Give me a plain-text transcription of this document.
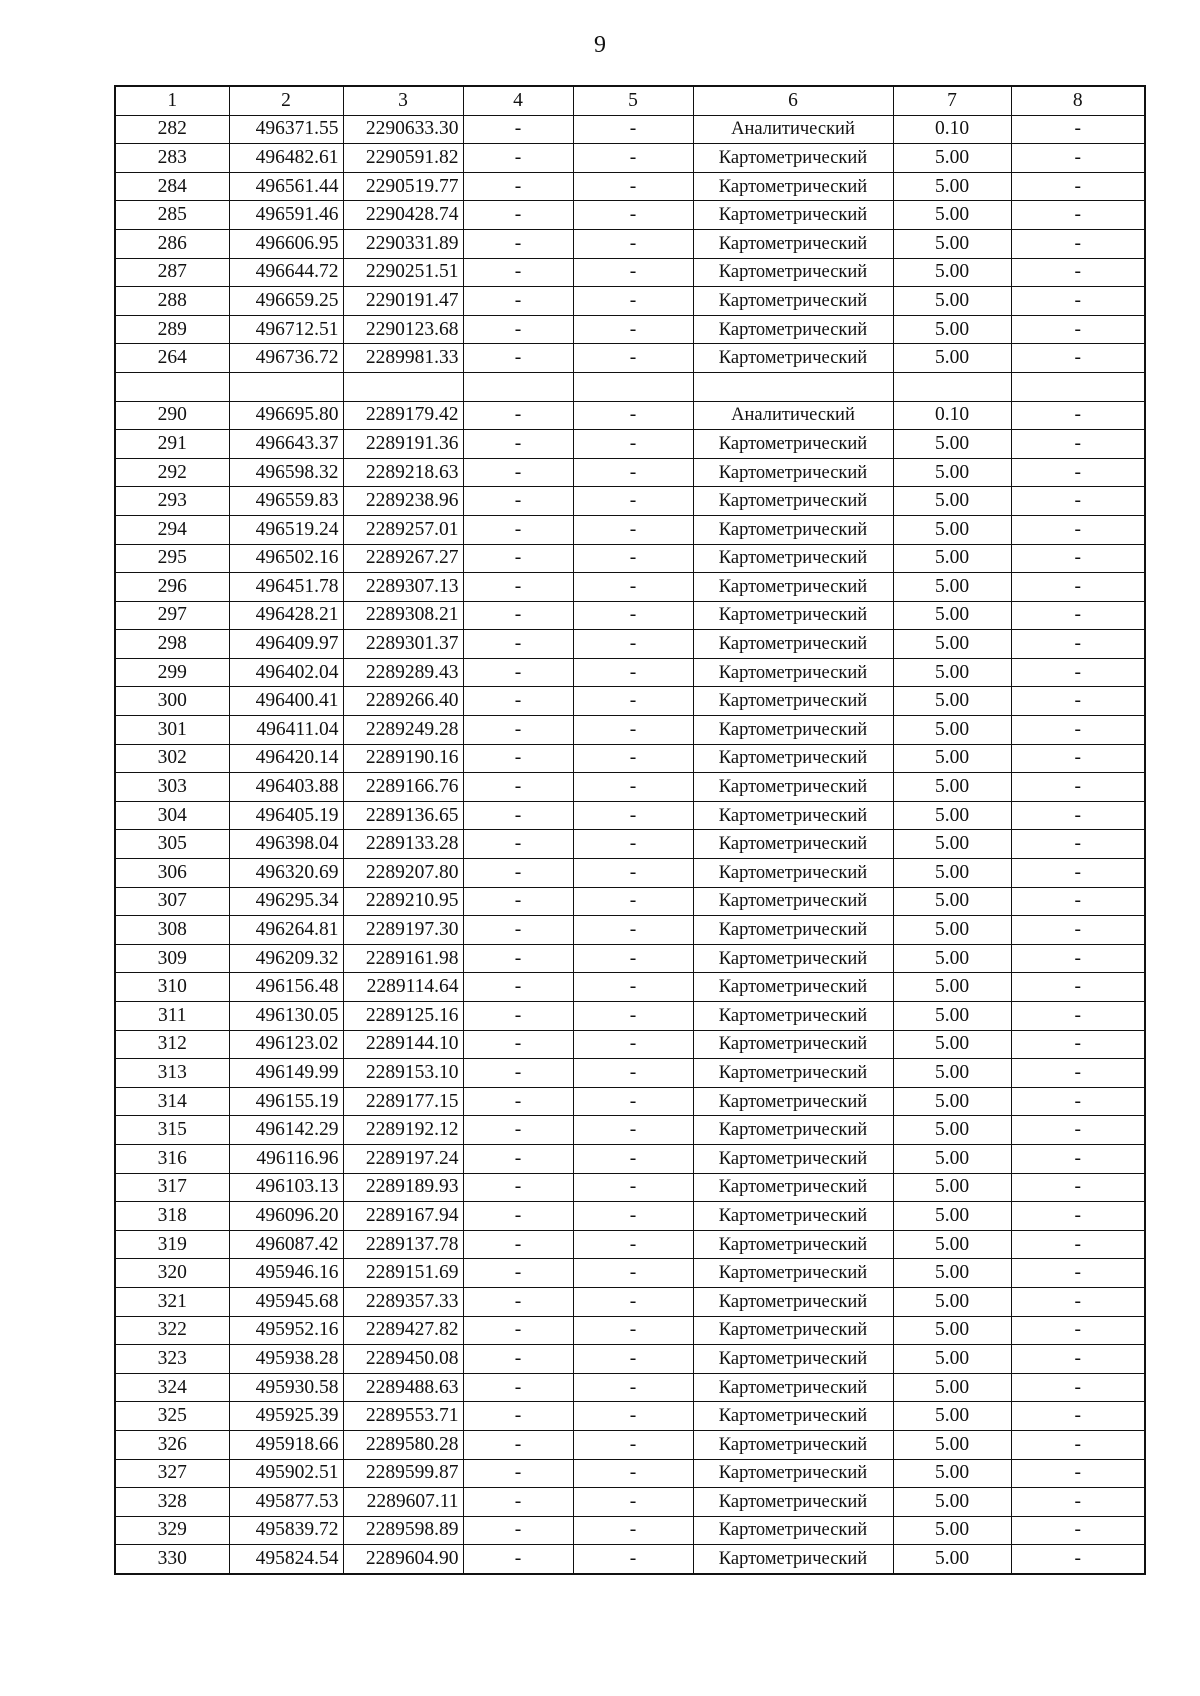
9
1	2	3	4	5	6	7	8
282	496371.55	2290633.30	-	-	Аналитический	0.10	-
283	496482.61	2290591.82	-	-	Картометрический	5.00	-
284	496561.44	2290519.77	-	-	Картометрический	5.00	-
285	496591.46	2290428.74	-	-	Картометрический	5.00	-
286	496606.95	2290331.89	-	-	Картометрический	5.00	-
287	496644.72	2290251.51	-	-	Картометрический	5.00	-
288	496659.25	2290191.47	-	-	Картометрический	5.00	-
289	496712.51	2290123.68	-	-	Картометрический	5.00	-
264	496736.72	2289981.33	-	-	Картометрический	5.00	-

290	496695.80	2289179.42	-	-	Аналитический	0.10	-
291	496643.37	2289191.36	-	-	Картометрический	5.00	-
292	496598.32	2289218.63	-	-	Картометрический	5.00	-
293	496559.83	2289238.96	-	-	Картометрический	5.00	-
294	496519.24	2289257.01	-	-	Картометрический	5.00	-
295	496502.16	2289267.27	-	-	Картометрический	5.00	-
296	496451.78	2289307.13	-	-	Картометрический	5.00	-
297	496428.21	2289308.21	-	-	Картометрический	5.00	-
298	496409.97	2289301.37	-	-	Картометрический	5.00	-
299	496402.04	2289289.43	-	-	Картометрический	5.00	-
300	496400.41	2289266.40	-	-	Картометрический	5.00	-
301	496411.04	2289249.28	-	-	Картометрический	5.00	-
302	496420.14	2289190.16	-	-	Картометрический	5.00	-
303	496403.88	2289166.76	-	-	Картометрический	5.00	-
304	496405.19	2289136.65	-	-	Картометрический	5.00	-
305	496398.04	2289133.28	-	-	Картометрический	5.00	-
306	496320.69	2289207.80	-	-	Картометрический	5.00	-
307	496295.34	2289210.95	-	-	Картометрический	5.00	-
308	496264.81	2289197.30	-	-	Картометрический	5.00	-
309	496209.32	2289161.98	-	-	Картометрический	5.00	-
310	496156.48	2289114.64	-	-	Картометрический	5.00	-
311	496130.05	2289125.16	-	-	Картометрический	5.00	-
312	496123.02	2289144.10	-	-	Картометрический	5.00	-
313	496149.99	2289153.10	-	-	Картометрический	5.00	-
314	496155.19	2289177.15	-	-	Картометрический	5.00	-
315	496142.29	2289192.12	-	-	Картометрический	5.00	-
316	496116.96	2289197.24	-	-	Картометрический	5.00	-
317	496103.13	2289189.93	-	-	Картометрический	5.00	-
318	496096.20	2289167.94	-	-	Картометрический	5.00	-
319	496087.42	2289137.78	-	-	Картометрический	5.00	-
320	495946.16	2289151.69	-	-	Картометрический	5.00	-
321	495945.68	2289357.33	-	-	Картометрический	5.00	-
322	495952.16	2289427.82	-	-	Картометрический	5.00	-
323	495938.28	2289450.08	-	-	Картометрический	5.00	-
324	495930.58	2289488.63	-	-	Картометрический	5.00	-
325	495925.39	2289553.71	-	-	Картометрический	5.00	-
326	495918.66	2289580.28	-	-	Картометрический	5.00	-
327	495902.51	2289599.87	-	-	Картометрический	5.00	-
328	495877.53	2289607.11	-	-	Картометрический	5.00	-
329	495839.72	2289598.89	-	-	Картометрический	5.00	-
330	495824.54	2289604.90	-	-	Картометрический	5.00	-
